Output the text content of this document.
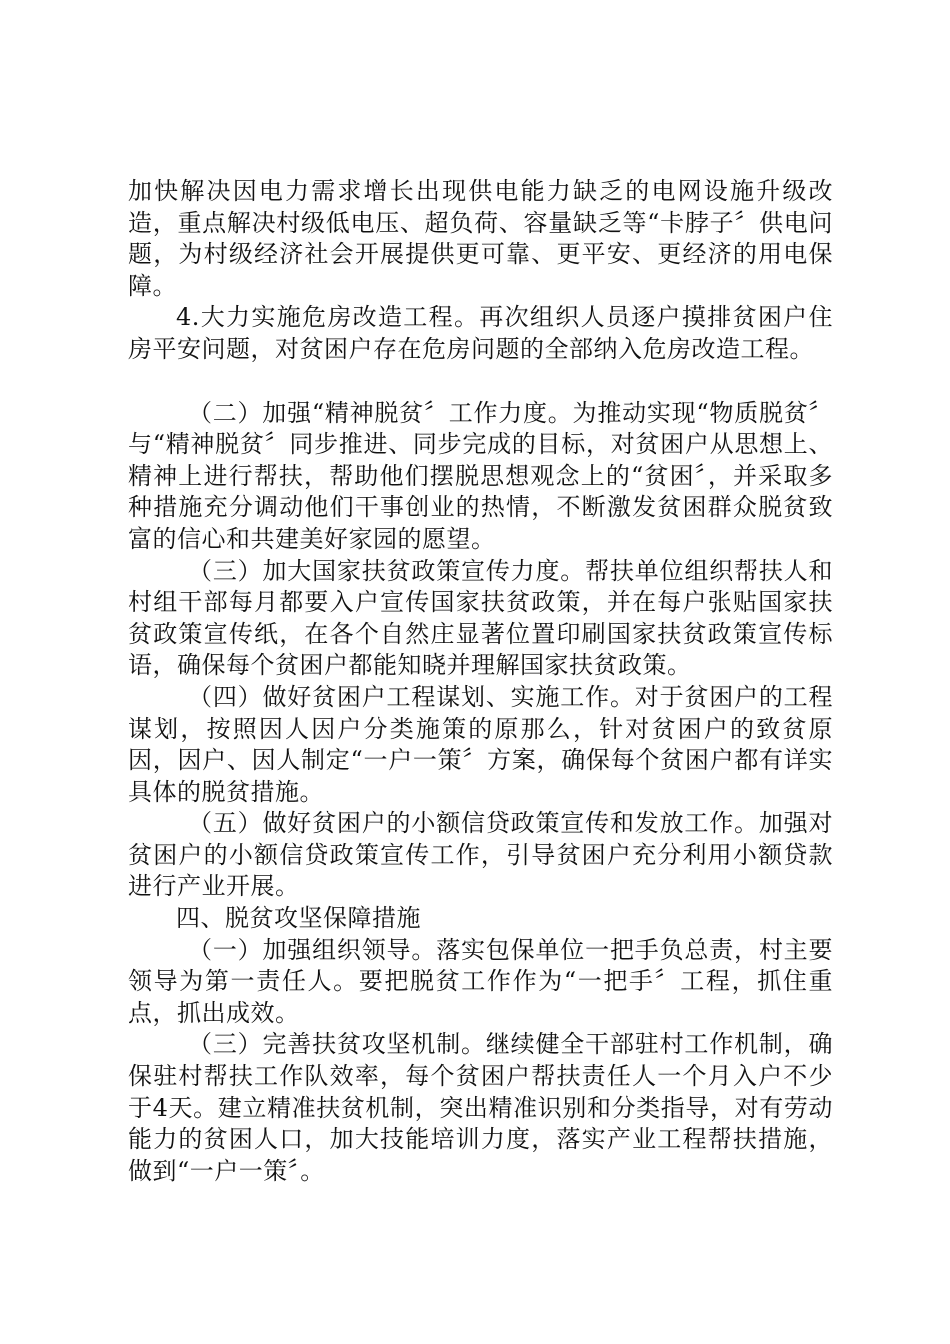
加快解决因电力需求增长出现供电能力缺乏的电网设施升级改造，重点解决村级低电压、超负荷、容量缺乏等“卡脖子〞供电问题，为村级经济社会开展提供更可靠、更平安、更经济的用电保障。

4.大力实施危房改造工程。再次组织人员逐户摸排贫困户住房平安问题，对贫困户存在危房问题的全部纳入危房改造工程。

（二）加强“精神脱贫〞工作力度。为推动实现“物质脱贫〞与“精神脱贫〞同步推进、同步完成的目标，对贫困户从思想上、精神上进行帮扶，帮助他们摆脱思想观念上的“贫困〞，并采取多种措施充分调动他们干事创业的热情，不断激发贫困群众脱贫致富的信心和共建美好家园的愿望。

（三）加大国家扶贫政策宣传力度。帮扶单位组织帮扶人和村组干部每月都要入户宣传国家扶贫政策，并在每户张贴国家扶贫政策宣传纸，在各个自然庄显著位置印刷国家扶贫政策宣传标语，确保每个贫困户都能知晓并理解国家扶贫政策。

（四）做好贫困户工程谋划、实施工作。对于贫困户的工程谋划，按照因人因户分类施策的原那么，针对贫困户的致贫原因，因户、因人制定“一户一策〞方案，确保每个贫困户都有详实具体的脱贫措施。

（五）做好贫困户的小额信贷政策宣传和发放工作。加强对贫困户的小额信贷政策宣传工作，引导贫困户充分利用小额贷款进行产业开展。

四、脱贫攻坚保障措施

（一）加强组织领导。落实包保单位一把手负总责，村主要领导为第一责任人。要把脱贫工作作为“一把手〞工程，抓住重点，抓出成效。

（三）完善扶贫攻坚机制。继续健全干部驻村工作机制，确保驻村帮扶工作队效率，每个贫困户帮扶责任人一个月入户不少于4天。建立精准扶贫机制，突出精准识别和分类指导，对有劳动能力的贫困人口，加大技能培训力度，落实产业工程帮扶措施，做到“一户一策〞。
